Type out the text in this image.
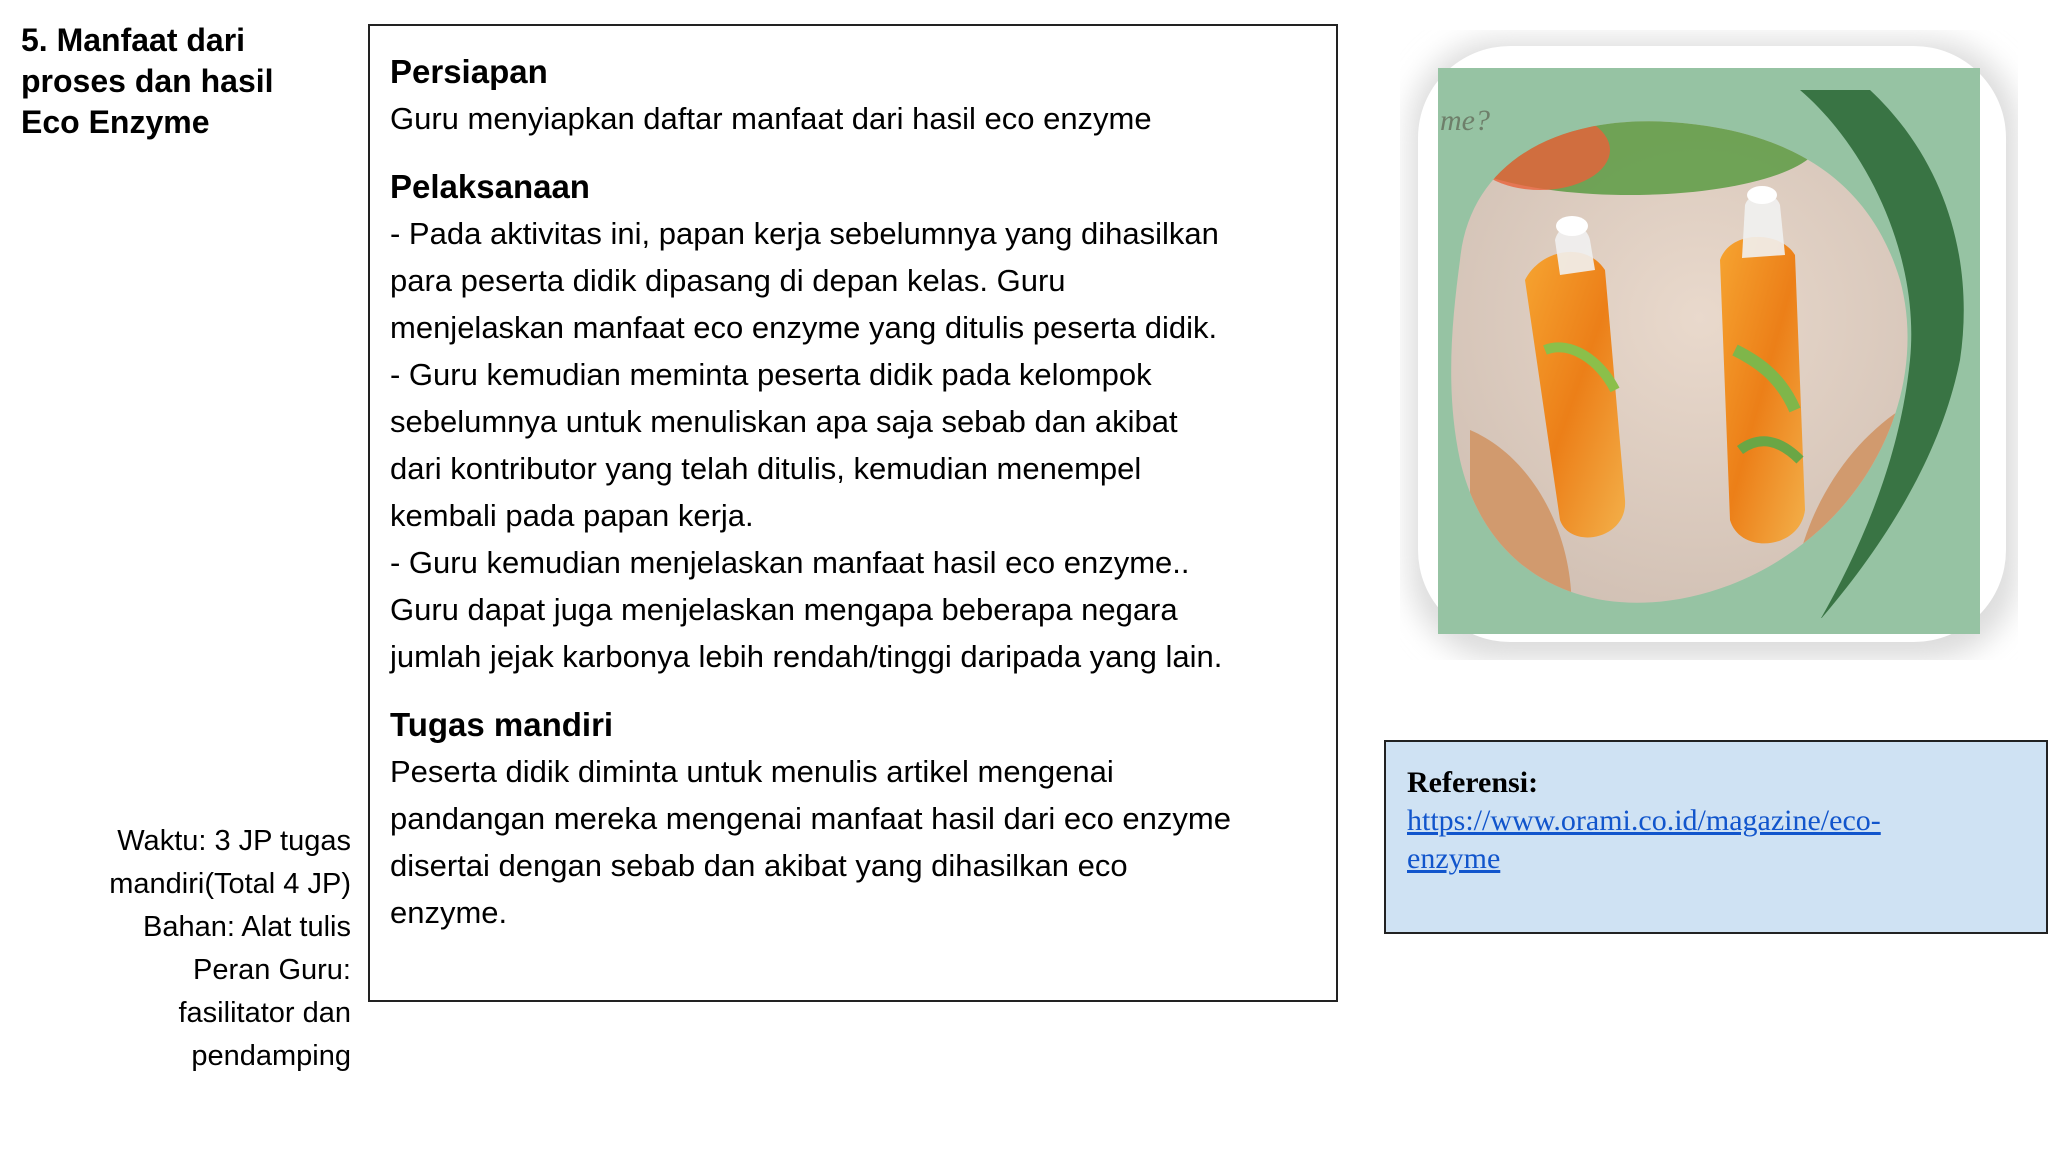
5. Manfaat dari
proses dan hasil
Eco Enzyme
Waktu: 3 JP tugas
mandiri(Total 4 JP)
Bahan: Alat tulis
Peran Guru:
fasilitator dan
pendamping
Persiapan

Guru menyiapkan daftar manfaat dari hasil eco enzyme

Pelaksanaan

- Pada aktivitas ini, papan kerja sebelumnya yang dihasilkan

para peserta didik dipasang di depan kelas. Guru

menjelaskan manfaat eco enzyme yang ditulis peserta didik.

- Guru kemudian meminta peserta didik pada kelompok

sebelumnya untuk menuliskan apa saja sebab dan akibat

dari kontributor yang telah ditulis, kemudian menempel

kembali pada papan kerja.

- Guru kemudian menjelaskan manfaat hasil eco enzyme..

Guru dapat juga menjelaskan mengapa beberapa negara

jumlah jejak karbonya lebih rendah/tinggi daripada yang lain.

Tugas mandiri

Peserta didik diminta untuk menulis artikel mengenai

pandangan mereka mengenai manfaat hasil dari eco enzyme

disertai dengan sebab dan akibat yang dihasilkan eco

enzyme.

me?
Referensi:
https://www.orami.co.id/magazine/eco-
enzyme
